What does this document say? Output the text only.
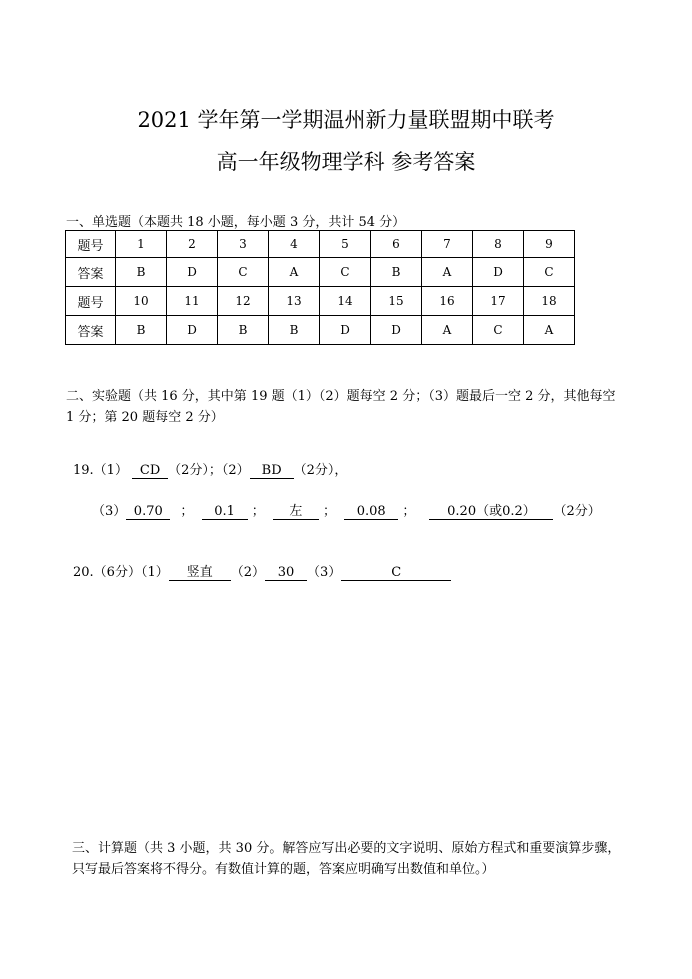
2021 学年第一学期温州新力量联盟期中联考
高一年级物理学科 参考答案
一、单选题（本题共 18 小题，每小题 3 分，共计 54 分）
题号	1	2	3	4	5	6	7	8	9
答案	B	D	C	A	C	B	A	D	C
题号	10	11	12	13	14	15	16	17	18
答案	B	D	B	B	D	D	A	C	A
二、实验题（共 16 分，其中第 19 题（1）（2）题每空 2 分；（3）题最后一空 2 分，其他每空 1 分；第 20 题每空 2 分）
19.（1） CD （2分）；（2） BD （2分），
（3） 0.70 ； 0.1 ； 左 ； 0.08 ； 0.20（或0.2） （2分）
20.（6分）（1） 竖直 （2） 30 （3）	C
三、计算题（共 3 小题，共 30 分。解答应写出必要的文字说明、原始方程式和重要演算步骤，只写最后答案将不得分。有数值计算的题，答案应明确写出数值和单位。）
